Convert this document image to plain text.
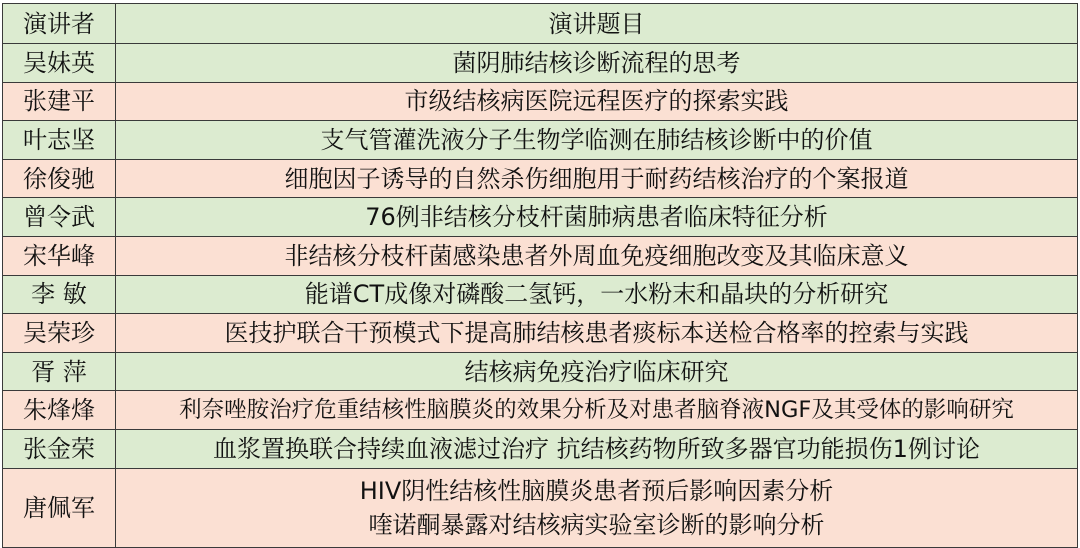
演讲者	演讲题目
吴妹英	菌阴肺结核诊断流程的思考
张建平	市级结核病医院远程医疗的探索实践
叶志坚	支气管灌洗液分子生物学临测在肺结核诊断中的价值
徐俊驰	细胞因子诱导的自然杀伤细胞用于耐药结核治疗的个案报道
曾令武	76例非结核分枝杆菌肺病患者临床特征分析
宋华峰	非结核分枝杆菌感染患者外周血免疫细胞改变及其临床意义
李 敏	能谱CT成像对磷酸二氢钙，一水粉末和晶块的分析研究
吴荣珍	医技护联合干预模式下提高肺结核患者痰标本送检合格率的控索与实践
胥 萍	结核病免疫治疗临床研究
朱烽烽	利奈唑胺治疗危重结核性脑膜炎的效果分析及对患者脑脊液NGF及其受体的影响研究
张金荣	血浆置换联合持续血液滤过治疗 抗结核药物所致多器官功能损伤1例讨论
唐佩军	HIV阴性结核性脑膜炎患者预后影响因素分析
喹诺酮暴露对结核病实验室诊断的影响分析
